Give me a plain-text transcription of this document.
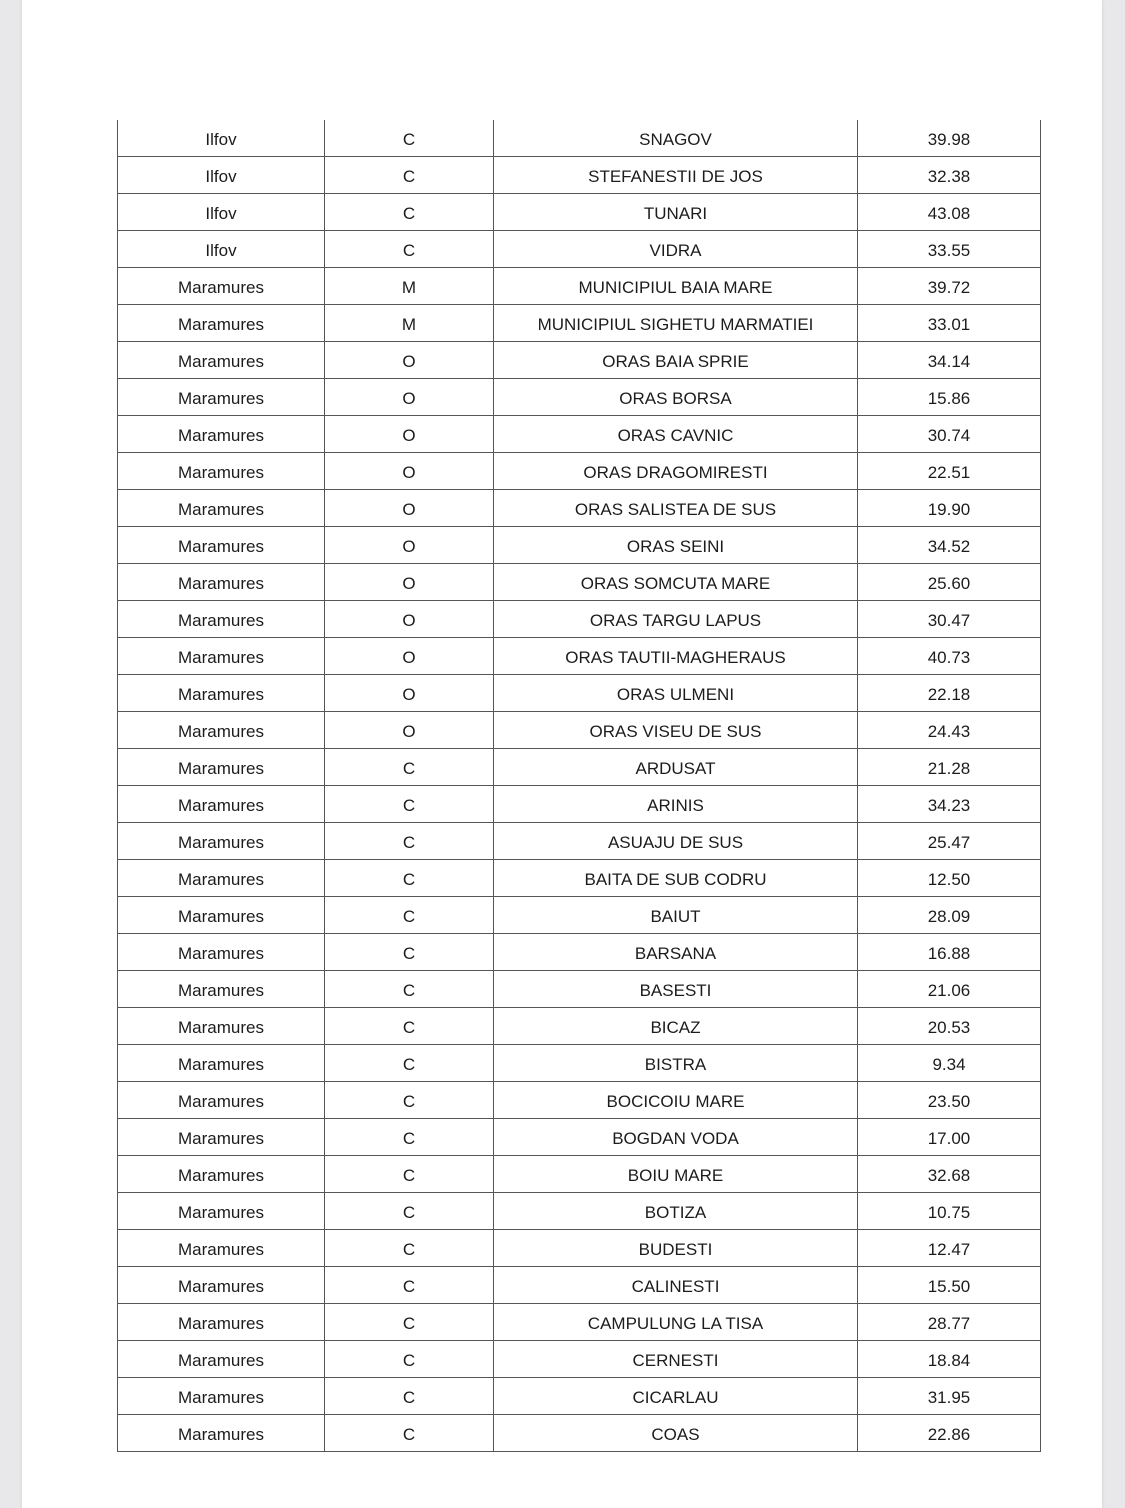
Ilfov	C	SNAGOV	39.98
Ilfov	C	STEFANESTII DE JOS	32.38
Ilfov	C	TUNARI	43.08
Ilfov	C	VIDRA	33.55
Maramures	M	MUNICIPIUL BAIA MARE	39.72
Maramures	M	MUNICIPIUL SIGHETU MARMATIEI	33.01
Maramures	O	ORAS BAIA SPRIE	34.14
Maramures	O	ORAS BORSA	15.86
Maramures	O	ORAS CAVNIC	30.74
Maramures	O	ORAS DRAGOMIRESTI	22.51
Maramures	O	ORAS SALISTEA DE SUS	19.90
Maramures	O	ORAS SEINI	34.52
Maramures	O	ORAS SOMCUTA MARE	25.60
Maramures	O	ORAS TARGU LAPUS	30.47
Maramures	O	ORAS TAUTII-MAGHERAUS	40.73
Maramures	O	ORAS ULMENI	22.18
Maramures	O	ORAS VISEU DE SUS	24.43
Maramures	C	ARDUSAT	21.28
Maramures	C	ARINIS	34.23
Maramures	C	ASUAJU DE SUS	25.47
Maramures	C	BAITA DE SUB CODRU	12.50
Maramures	C	BAIUT	28.09
Maramures	C	BARSANA	16.88
Maramures	C	BASESTI	21.06
Maramures	C	BICAZ	20.53
Maramures	C	BISTRA	9.34
Maramures	C	BOCICOIU MARE	23.50
Maramures	C	BOGDAN VODA	17.00
Maramures	C	BOIU MARE	32.68
Maramures	C	BOTIZA	10.75
Maramures	C	BUDESTI	12.47
Maramures	C	CALINESTI	15.50
Maramures	C	CAMPULUNG LA TISA	28.77
Maramures	C	CERNESTI	18.84
Maramures	C	CICARLAU	31.95
Maramures	C	COAS	22.86
